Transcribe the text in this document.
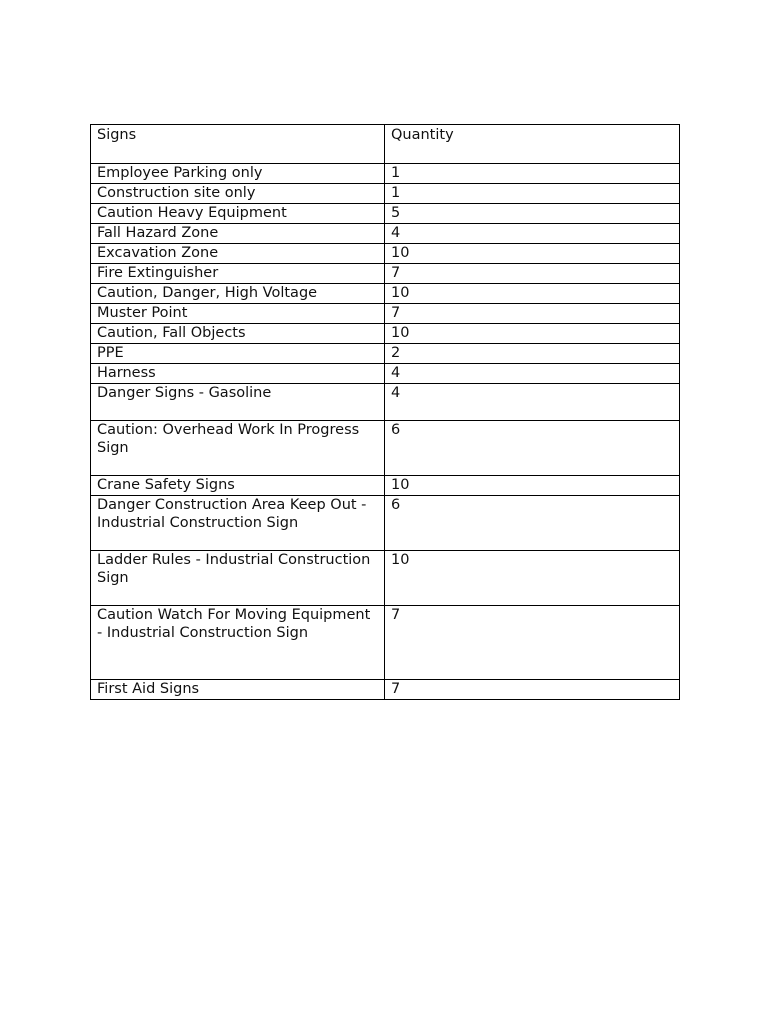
Signs	Quantity
Employee Parking only	1
Construction site only	1
Caution Heavy Equipment	5
Fall Hazard Zone	4
Excavation Zone	10
Fire Extinguisher	7
Caution, Danger, High Voltage	10
Muster Point	7
Caution, Fall Objects	10
PPE	2
Harness	4
Danger Signs - Gasoline	4
Caution: Overhead Work In Progress Sign	6
Crane Safety Signs	10
Danger Construction Area Keep Out - Industrial Construction Sign	6
Ladder Rules - Industrial Construction Sign	10
Caution Watch For Moving Equipment - Industrial Construction Sign	7
First Aid Signs	7
